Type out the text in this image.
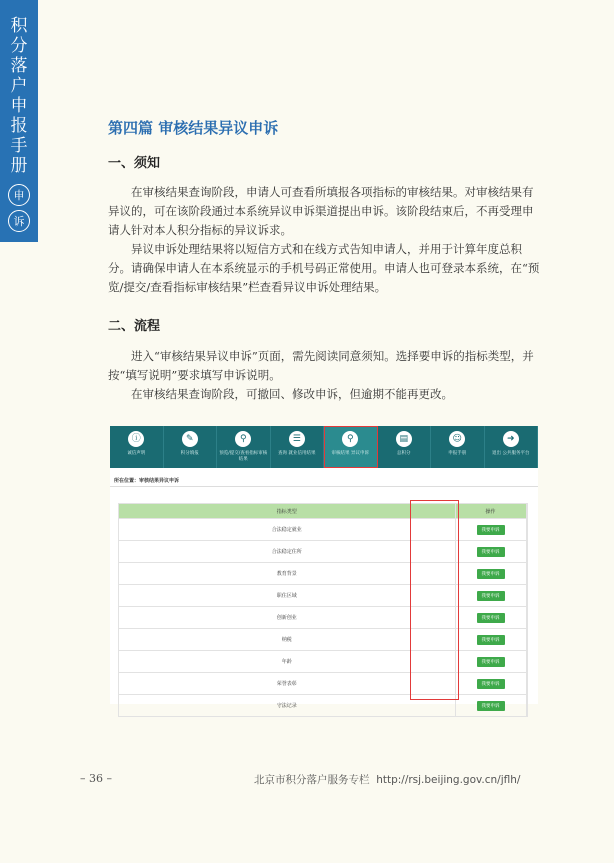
积分落户申报手册
申
诉
第四篇 审核结果异议申诉
一、须知

在审核结果查询阶段，申请人可查看所填报各项指标的审核结果。对审核结果有异议的，可在该阶段通过本系统异议申诉渠道提出申诉。该阶段结束后，不再受理申请人针对本人积分指标的异议诉求。

异议申诉处理结果将以短信方式和在线方式告知申请人，并用于计算年度总积分。请确保申请人在本系统显示的手机号码正常使用。申请人也可登录本系统，在“预览/提交/查看指标审核结果”栏查看异议申诉处理结果。

二、流程

进入“审核结果异议申诉”页面，需先阅读同意须知。选择要申诉的指标类型，并按“填写说明”要求填写申诉说明。

在审核结果查询阶段，可撤回、修改申诉，但逾期不能再更改。

ⓘ
诚信声明
✎
积分填报
⚲
预览/提交/查看指标审核结果
☰
查询 就业信用结果
⚲
审核结果 异议申诉
▤
总积分
☺
申报手册
➜
退出 公共服务平台
所在位置：审核结果异议申诉
指标类型	操作	
合法稳定就业	我要申诉	
合法稳定住所	我要申诉	
教育背景	我要申诉	
职住区域	我要申诉	
创新创业	我要申诉	
纳税	我要申诉	
年龄	我要申诉	
荣誉表彰	我要申诉	
守法记录	我要申诉	
– 36 –	北京市积分落户服务专栏 http://rsj.beijing.gov.cn/jflh/
